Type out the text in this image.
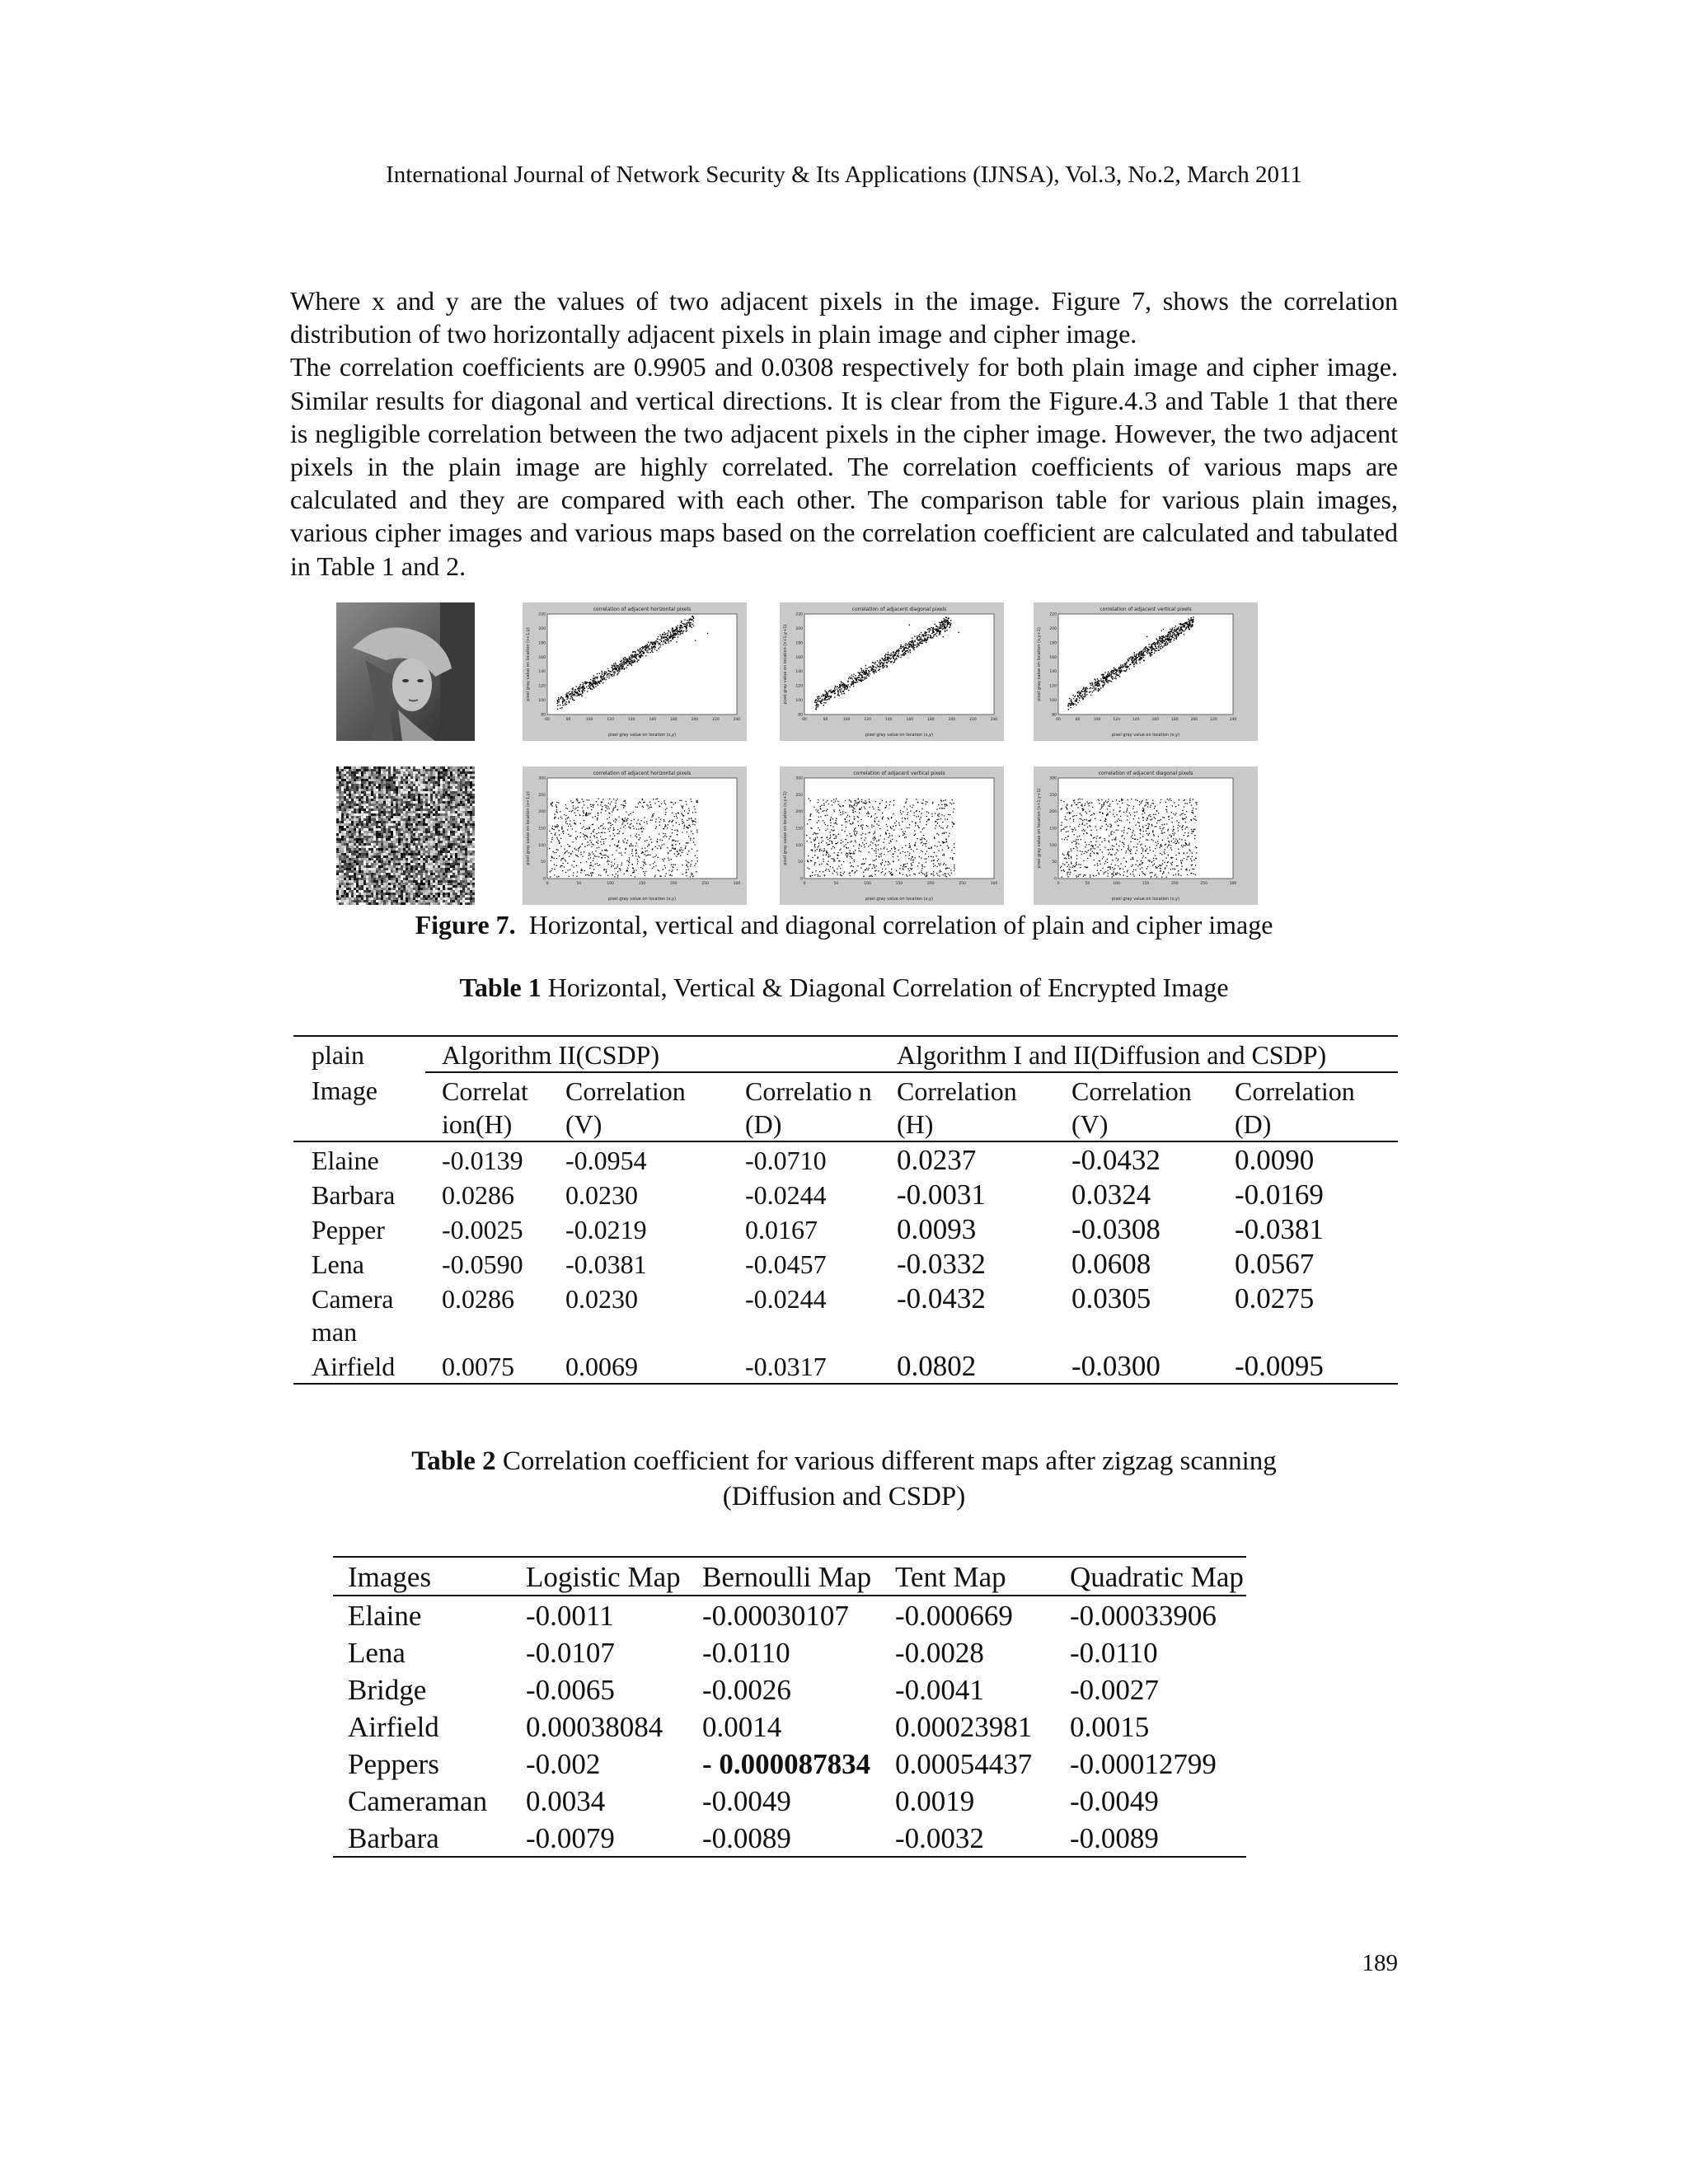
International Journal of Network Security & Its Applications (IJNSA), Vol.3, No.2, March 2011

Where x and y are the values of two adjacent pixels in the image. Figure 7, shows the correlation distribution of two horizontally adjacent pixels in plain image and cipher image.

The correlation coefficients are 0.9905 and 0.0308 respectively for both plain image and cipher image. Similar results for diagonal and vertical directions. It is clear from the Figure.4.3 and Table 1 that there is negligible correlation between the two adjacent pixels in the cipher image. However, the two adjacent pixels in the plain image are highly correlated. The correlation coefficients of various maps are calculated and they are compared with each other. The comparison table for various plain images, various cipher images and various maps based on the correlation coefficient are calculated and tabulated in Table 1 and 2.

correlation of adjacent horizontal pixels
pixel gray value on location (x,y)
pixel gray value on location (x+1,y)
60	80	100	120	140	160	180	200	220	240
80
100
120
140
160
180
200
220
correlation of adjacent diagonal pixels
pixel gray value on location (x,y)
pixel gray value on location (x+1,y+1)
60	80	100	120	140	160	180	200	220	240
80
100
120
140
160
180
200
220
correlation of adjacent vertical pixels
pixel gray value on location (x,y)
pixel gray value on location (x,y+1)
60	80	100	120	140	160	180	200	220	240
80
100
120
140
160
180
200
220
correlation of adjacent horizontal pixels
pixel gray value on location (x,y)
pixel gray value on location (x+1,y)
0	50	100	150	200	250	300
0
50
100
150
200
250
300
correlation of adjacent vertical pixels
pixel gray value on location (x,y)
pixel gray value on location (x,y+1)
0	50	100	150	200	250	300
0
50
100
150
200
250
300
correlation of adjacent diagonal pixels
pixel gray value on location (x,y)
pixel gray value on location (x+1,y+1)
0	50	100	150	200	250	300
0
50
100
150
200
250
300
Figure 7. Horizontal, vertical and diagonal correlation of plain and cipher image
Table 1 Horizontal, Vertical & Diagonal Correlation of Encrypted Image
plain	Algorithm II(CSDP)			Algorithm I and II(Diffusion and CSDP)		
Image	Correlat ion(H)	Correlation (V)	Correlatio n (D)	Correlation (H)	Correlation (V)	Correlation (D)
Elaine	-0.0139	-0.0954	-0.0710	0.0237	-0.0432	0.0090
Barbara	0.0286	0.0230	-0.0244	-0.0031	0.0324	-0.0169
Pepper	-0.0025	-0.0219	0.0167	0.0093	-0.0308	-0.0381
Lena	-0.0590	-0.0381	-0.0457	-0.0332	0.0608	0.0567
Camera man	0.0286	0.0230	-0.0244	-0.0432	0.0305	0.0275
Airfield	0.0075	0.0069	-0.0317	0.0802	-0.0300	-0.0095
Table 2 Correlation coefficient for various different maps after zigzag scanning
(Diffusion and CSDP)
Images	Logistic Map	Bernoulli Map	Tent Map	Quadratic Map
Elaine	-0.0011	-0.00030107	-0.000669	-0.00033906
Lena	-0.0107	-0.0110	-0.0028	-0.0110
Bridge	-0.0065	-0.0026	-0.0041	-0.0027
Airfield	0.00038084	0.0014	0.00023981	0.0015
Peppers	-0.002	- 0.000087834	0.00054437	-0.00012799
Cameraman	0.0034	-0.0049	0.0019	-0.0049
Barbara	-0.0079	-0.0089	-0.0032	-0.0089
189
